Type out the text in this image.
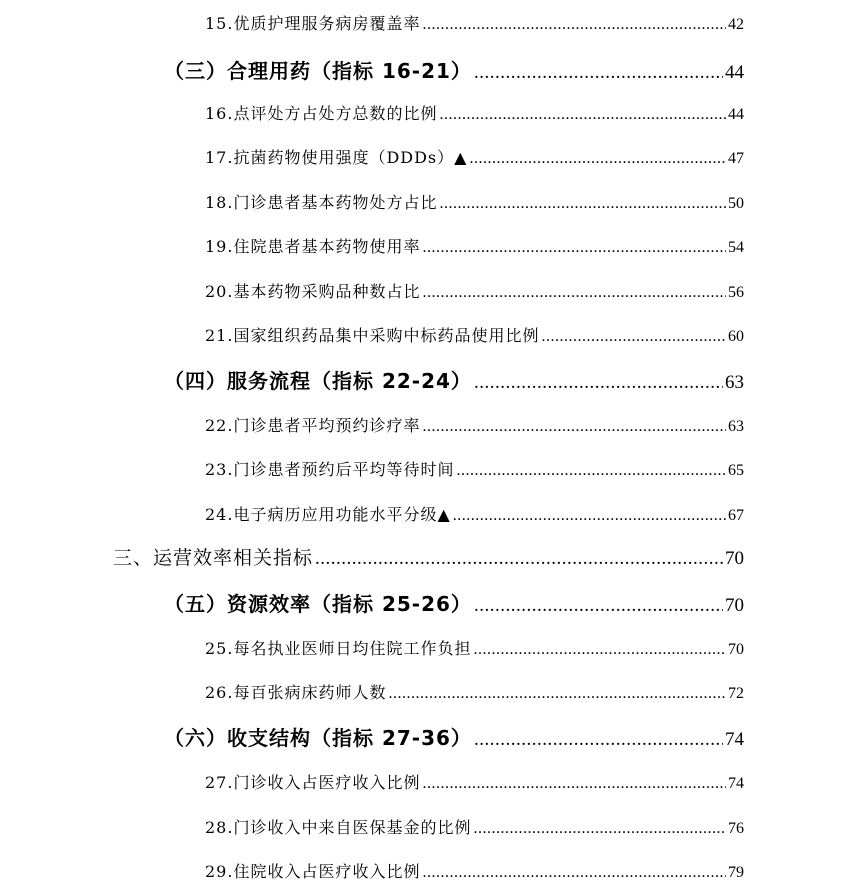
15.优质护理服务病房覆盖率 .....	42
（三）合理用药（指标 16-21） .....	44
16.点评处方占处方总数的比例 .....	44
17.抗菌药物使用强度（DDDs）▲ .....	47
18.门诊患者基本药物处方占比 .....	50
19.住院患者基本药物使用率 .....	54
20.基本药物采购品种数占比 .....	56
21.国家组织药品集中采购中标药品使用比例 .....	60
（四）服务流程（指标 22-24） .....	63
22.门诊患者平均预约诊疗率 .....	63
23.门诊患者预约后平均等待时间 .....	65
24.电子病历应用功能水平分级▲ .....	67
三、运营效率相关指标 .....	70
（五）资源效率（指标 25-26） .....	70
25.每名执业医师日均住院工作负担 .....	70
26.每百张病床药师人数 .....	72
（六）收支结构（指标 27-36） .....	74
27.门诊收入占医疗收入比例 .....	74
28.门诊收入中来自医保基金的比例 .....	76
29.住院收入占医疗收入比例 .....	79
